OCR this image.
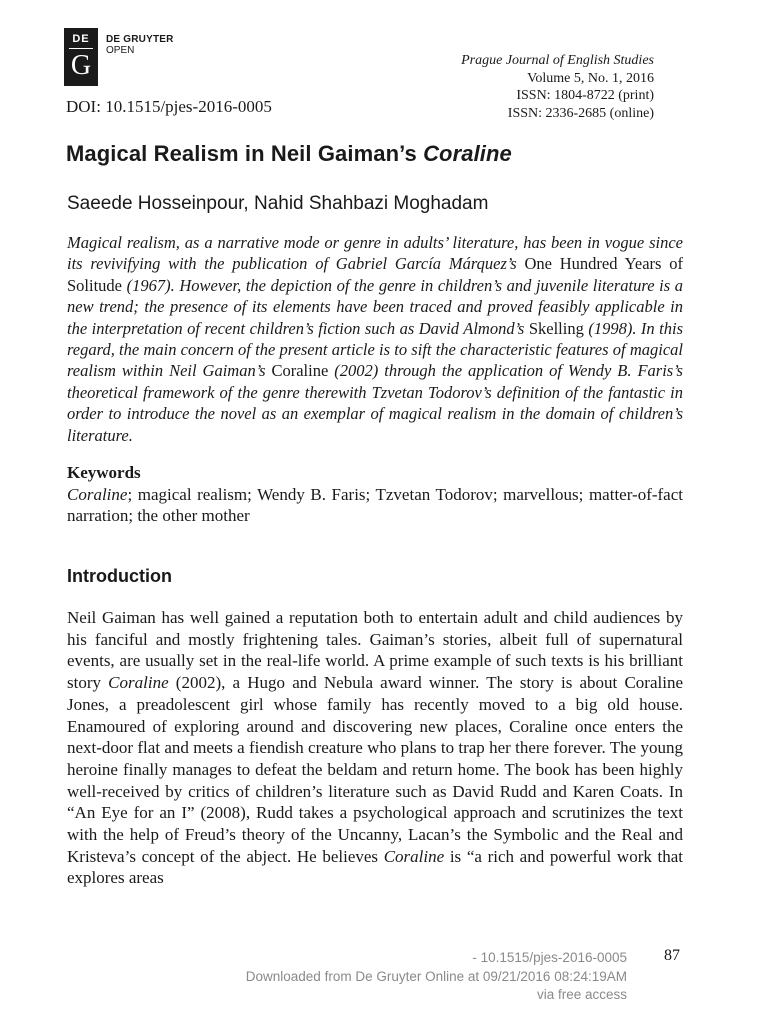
DE
G
DE GRUYTER
OPEN
DOI: 10.1515/pjes-2016-0005
Prague Journal of English Studies
Volume 5, No. 1, 2016
ISSN: 1804-8722 (print)
ISSN: 2336-2685 (online)
Magical Realism in Neil Gaiman’s Coraline
Saeede Hosseinpour, Nahid Shahbazi Moghadam

Magical realism, as a narrative mode or genre in adults’ literature, has been in vogue since its revivifying with the publication of Gabriel García Márquez’s One Hundred Years of Solitude (1967). However, the depiction of the genre in children’s and juvenile literature is a new trend; the presence of its elements have been traced and proved feasibly applicable in the interpretation of recent children’s fiction such as David Almond’s Skelling (1998). In this regard, the main concern of the present article is to sift the characteristic features of magical realism within Neil Gaiman’s Coraline (2002) through the application of Wendy B. Faris’s theoretical framework of the genre therewith Tzvetan Todorov’s definition of the fantastic in order to introduce the novel as an exemplar of magical realism in the domain of children’s literature.

Keywords

Coraline; magical realism; Wendy B. Faris; Tzvetan Todorov; marvellous; matter-of-fact narration; the other mother

Introduction

Neil Gaiman has well gained a reputation both to entertain adult and child audiences by his fanciful and mostly frightening tales. Gaiman’s stories, albeit full of supernatural events, are usually set in the real-life world. A prime example of such texts is his brilliant story Coraline (2002), a Hugo and Nebula award winner. The story is about Coraline Jones, a preadolescent girl whose family has recently moved to a big old house. Enamoured of exploring around and discovering new places, Coraline once enters the next-door flat and meets a fiendish creature who plans to trap her there forever. The young heroine finally manages to defeat the beldam and return home. The book has been highly well-received by critics of children’s literature such as David Rudd and Karen Coats. In “An Eye for an I” (2008), Rudd takes a psychological approach and scrutinizes the text with the help of Freud’s theory of the Uncanny, Lacan’s the Symbolic and the Real and Kristeva’s concept of the abject. He believes Coraline is “a rich and powerful work that explores areas

- 10.1515/pjes-2016-0005
Downloaded from De Gruyter Online at 09/21/2016 08:24:19AM
via free access
87
